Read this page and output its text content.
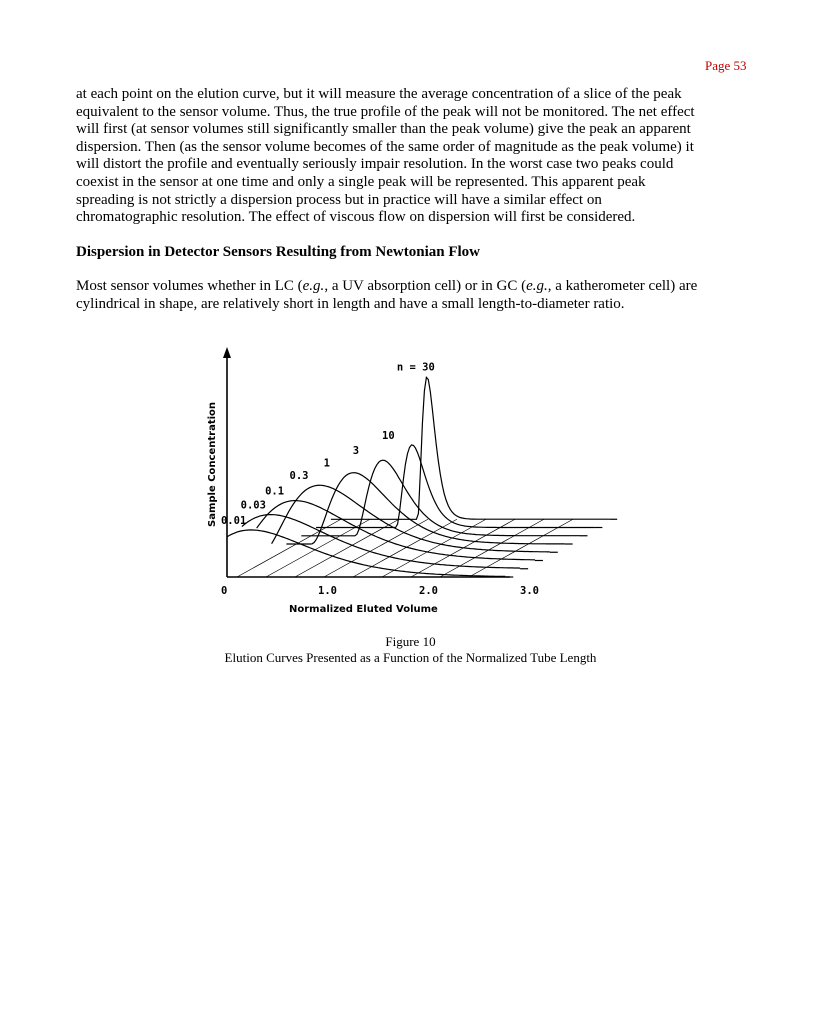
Page 53
at each point on the elution curve, but it will measure the average concentration of a slice of the peak
equivalent to the sensor volume. Thus, the true profile of the peak will not be monitored. The net effect
will first (at sensor volumes still significantly smaller than the peak volume) give the peak an apparent
dispersion. Then (as the sensor volume becomes of the same order of magnitude as the peak volume) it
will distort the profile and eventually seriously impair resolution. In the worst case two peaks could
coexist in the sensor at one time and only a single peak will be represented. This apparent peak
spreading is not strictly a dispersion process but in practice will have a similar effect on
chromatographic resolution. The effect of viscous flow on dispersion will first be considered.
Dispersion in Detector Sensors Resulting from Newtonian Flow
Most sensor volumes whether in LC (e.g., a UV absorption cell) or in GC (e.g., a katherometer cell) are
cylindrical in shape, are relatively short in length and have a small length-to-diameter ratio.
0	1.0	2.0	3.0
Normalized Eluted Volume
Sample Concentration
n = 30
10
3
1
0.3
0.1
0.03
0.01
Figure 10
Elution Curves Presented as a Function of the Normalized Tube Length
